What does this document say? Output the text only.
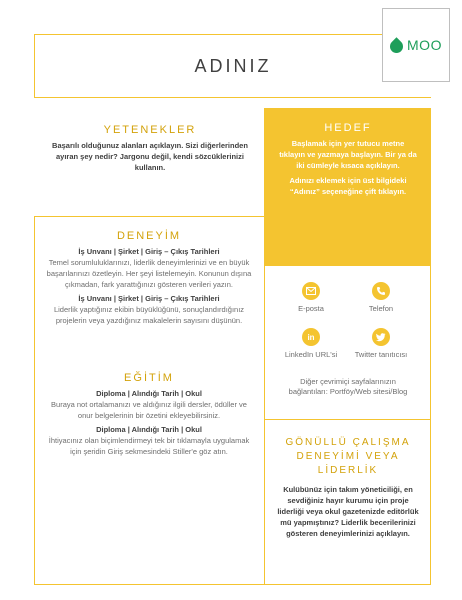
ADINIZ
MOO
YETENEKLER
Başarılı olduğunuz alanları açıklayın. Sizi diğerlerinden ayıran şey nedir? Jargonu değil, kendi sözcüklerinizi kullanın.
HEDEF

Başlamak için yer tutucu metne tıklayın ve yazmaya başlayın. Bir ya da iki cümleyle kısaca açıklayın.

Adınızı eklemek için üst bilgideki “Adınız” seçeneğine çift tıklayın.

DENEYİM
İş Unvanı | Şirket | Giriş – Çıkış Tarihleri
Temel sorumluluklarınızı, liderlik deneyimlerinizi ve en büyük başarılarınızı özetleyin. Her şeyi listelemeyin. Konunun dışına çıkmadan, fark yarattığınızı gösteren verileri yazın.
İş Unvanı | Şirket | Giriş – Çıkış Tarihleri
Liderlik yaptığınız ekibin büyüklüğünü, sonuçlandırdığınız projelerin veya yazdığınız makalelerin sayısını düşünün.
EĞİTİM
Diploma | Alındığı Tarih | Okul
Buraya not ortalamanızı ve aldığınız ilgili dersler, ödüller ve onur belgelerinin bir özetini ekleyebilirsiniz.
Diploma | Alındığı Tarih | Okul
İhtiyacınız olan biçimlendirmeyi tek bir tıklamayla uygulamak için şeridin Giriş sekmesindeki Stiller'e göz atın.
E-posta	Telefon
in
LinkedIn URL'si	Twitter tanıtıcısı
Diğer çevrimiçi sayfalarınızın bağlantıları: Portföy/Web sitesi/Blog
GÖNÜLLÜ ÇALIŞMA DENEYİMİ VEYA LİDERLİK

Kulübünüz için takım yöneticiliği, en sevdiğiniz hayır kurumu için proje liderliği veya okul gazetenizde editörlük mü yapmıştınız? Liderlik becerilerinizi gösteren deneyimlerinizi açıklayın.
